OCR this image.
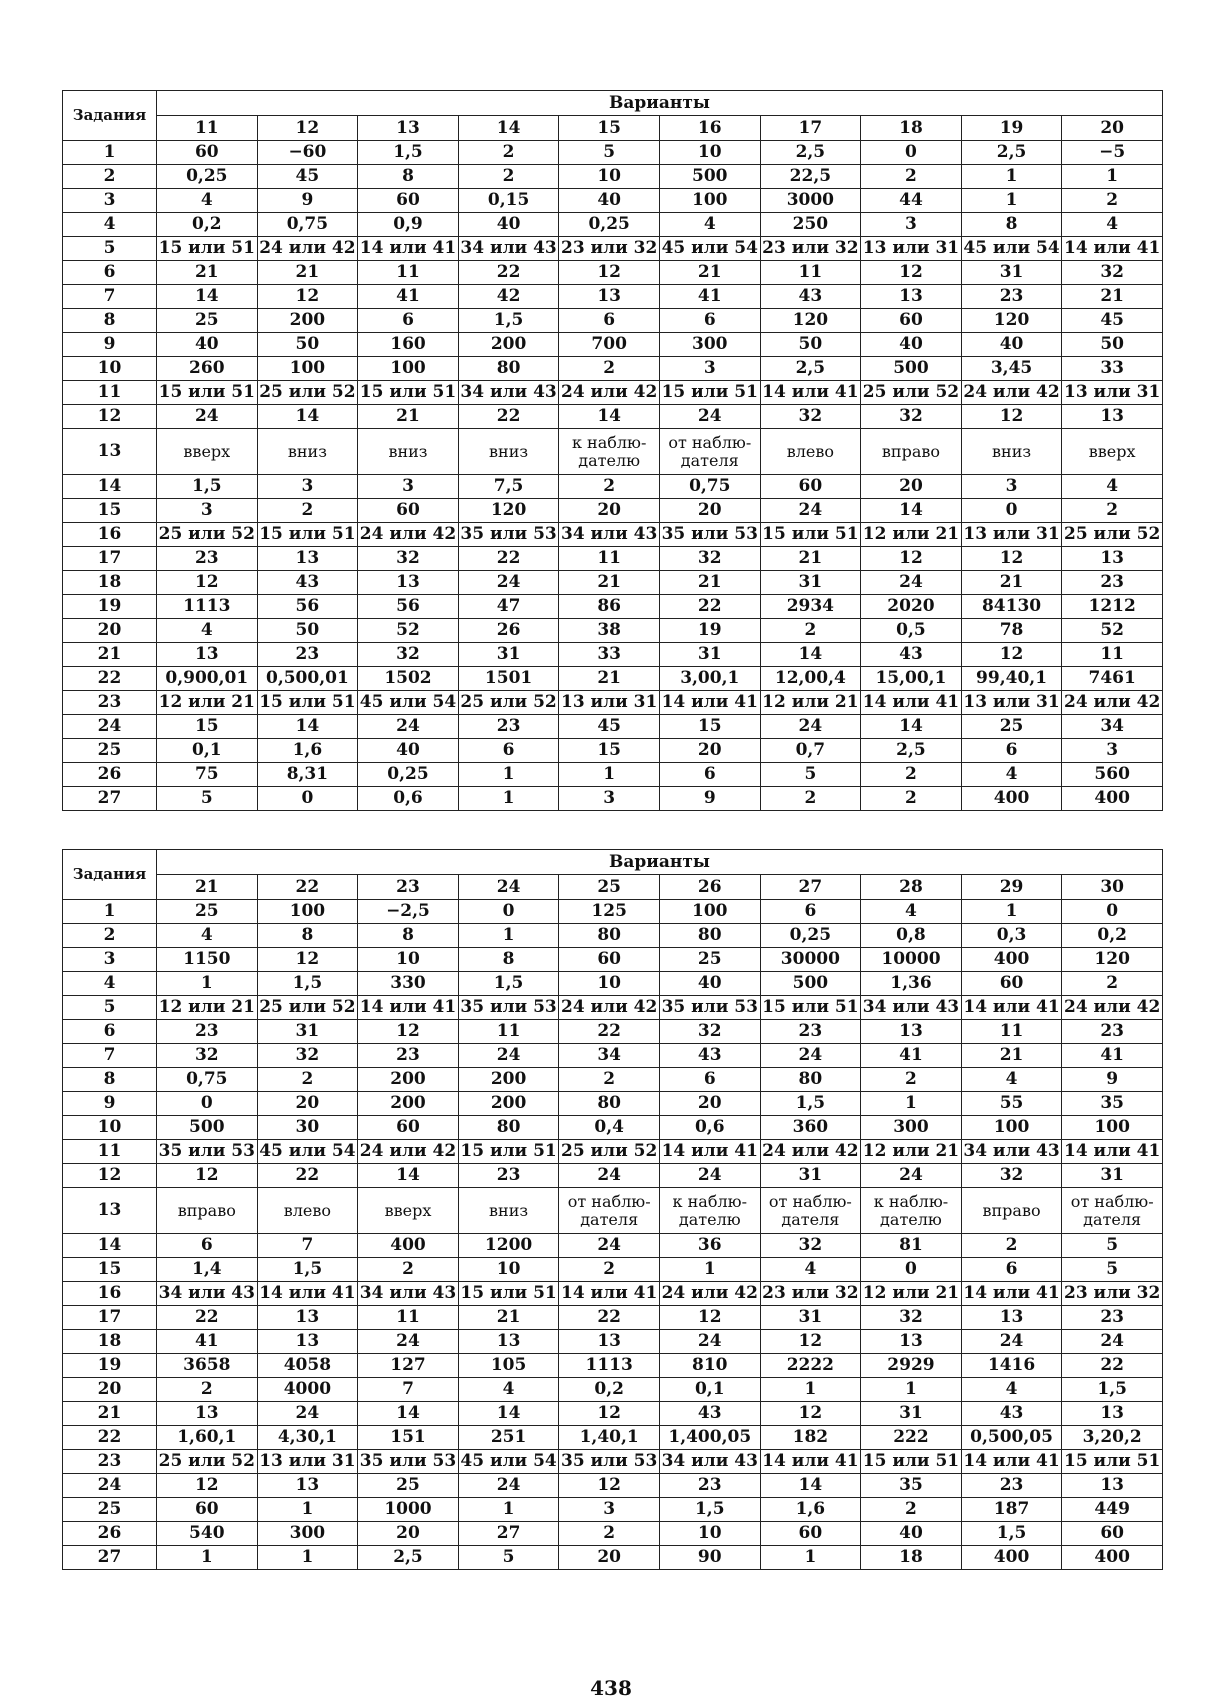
Задания	Варианты									
	11	12	13	14	15	16	17	18	19	20
1	60	−60	1,5	2	5	10	2,5	0	2,5	−5
2	0,25	45	8	2	10	500	22,5	2	1	1
3	4	9	60	0,15	40	100	3000	44	1	2
4	0,2	0,75	0,9	40	0,25	4	250	3	8	4
5	15 или 51	24 или 42	14 или 41	34 или 43	23 или 32	45 или 54	23 или 32	13 или 31	45 или 54	14 или 41
6	21	21	11	22	12	21	11	12	31	32
7	14	12	41	42	13	41	43	13	23	21
8	25	200	6	1,5	6	6	120	60	120	45
9	40	50	160	200	700	300	50	40	40	50
10	260	100	100	80	2	3	2,5	500	3,45	33
11	15 или 51	25 или 52	15 или 51	34 или 43	24 или 42	15 или 51	14 или 41	25 или 52	24 или 42	13 или 31
12	24	14	21	22	14	24	32	32	12	13
13	вверх	вниз	вниз	вниз	к наблю-дателю	от наблю-дателя	влево	вправо	вниз	вверх
14	1,5	3	3	7,5	2	0,75	60	20	3	4
15	3	2	60	120	20	20	24	14	0	2
16	25 или 52	15 или 51	24 или 42	35 или 53	34 или 43	35 или 53	15 или 51	12 или 21	13 или 31	25 или 52
17	23	13	32	22	11	32	21	12	12	13
18	12	43	13	24	21	21	31	24	21	23
19	1113	56	56	47	86	22	2934	2020	84130	1212
20	4	50	52	26	38	19	2	0,5	78	52
21	13	23	32	31	33	31	14	43	12	11
22	0,900,01	0,500,01	1502	1501	21	3,00,1	12,00,4	15,00,1	99,40,1	7461
23	12 или 21	15 или 51	45 или 54	25 или 52	13 или 31	14 или 41	12 или 21	14 или 41	13 или 31	24 или 42
24	15	14	24	23	45	15	24	14	25	34
25	0,1	1,6	40	6	15	20	0,7	2,5	6	3
26	75	8,31	0,25	1	1	6	5	2	4	560
27	5	0	0,6	1	3	9	2	2	400	400
Задания	Варианты									
	21	22	23	24	25	26	27	28	29	30
1	25	100	−2,5	0	125	100	6	4	1	0
2	4	8	8	1	80	80	0,25	0,8	0,3	0,2
3	1150	12	10	8	60	25	30000	10000	400	120
4	1	1,5	330	1,5	10	40	500	1,36	60	2
5	12 или 21	25 или 52	14 или 41	35 или 53	24 или 42	35 или 53	15 или 51	34 или 43	14 или 41	24 или 42
6	23	31	12	11	22	32	23	13	11	23
7	32	32	23	24	34	43	24	41	21	41
8	0,75	2	200	200	2	6	80	2	4	9
9	0	20	200	200	80	20	1,5	1	55	35
10	500	30	60	80	0,4	0,6	360	300	100	100
11	35 или 53	45 или 54	24 или 42	15 или 51	25 или 52	14 или 41	24 или 42	12 или 21	34 или 43	14 или 41
12	12	22	14	23	24	24	31	24	32	31
13	вправо	влево	вверх	вниз	от наблю-дателя	к наблю-дателю	от наблю-дателя	к наблю-дателю	вправо	от наблю-дателя
14	6	7	400	1200	24	36	32	81	2	5
15	1,4	1,5	2	10	2	1	4	0	6	5
16	34 или 43	14 или 41	34 или 43	15 или 51	14 или 41	24 или 42	23 или 32	12 или 21	14 или 41	23 или 32
17	22	13	11	21	22	12	31	32	13	23
18	41	13	24	13	13	24	12	13	24	24
19	3658	4058	127	105	1113	810	2222	2929	1416	22
20	2	4000	7	4	0,2	0,1	1	1	4	1,5
21	13	24	14	14	12	43	12	31	43	13
22	1,60,1	4,30,1	151	251	1,40,1	1,400,05	182	222	0,500,05	3,20,2
23	25 или 52	13 или 31	35 или 53	45 или 54	35 или 53	34 или 43	14 или 41	15 или 51	14 или 41	15 или 51
24	12	13	25	24	12	23	14	35	23	13
25	60	1	1000	1	3	1,5	1,6	2	187	449
26	540	300	20	27	2	10	60	40	1,5	60
27	1	1	2,5	5	20	90	1	18	400	400
438
